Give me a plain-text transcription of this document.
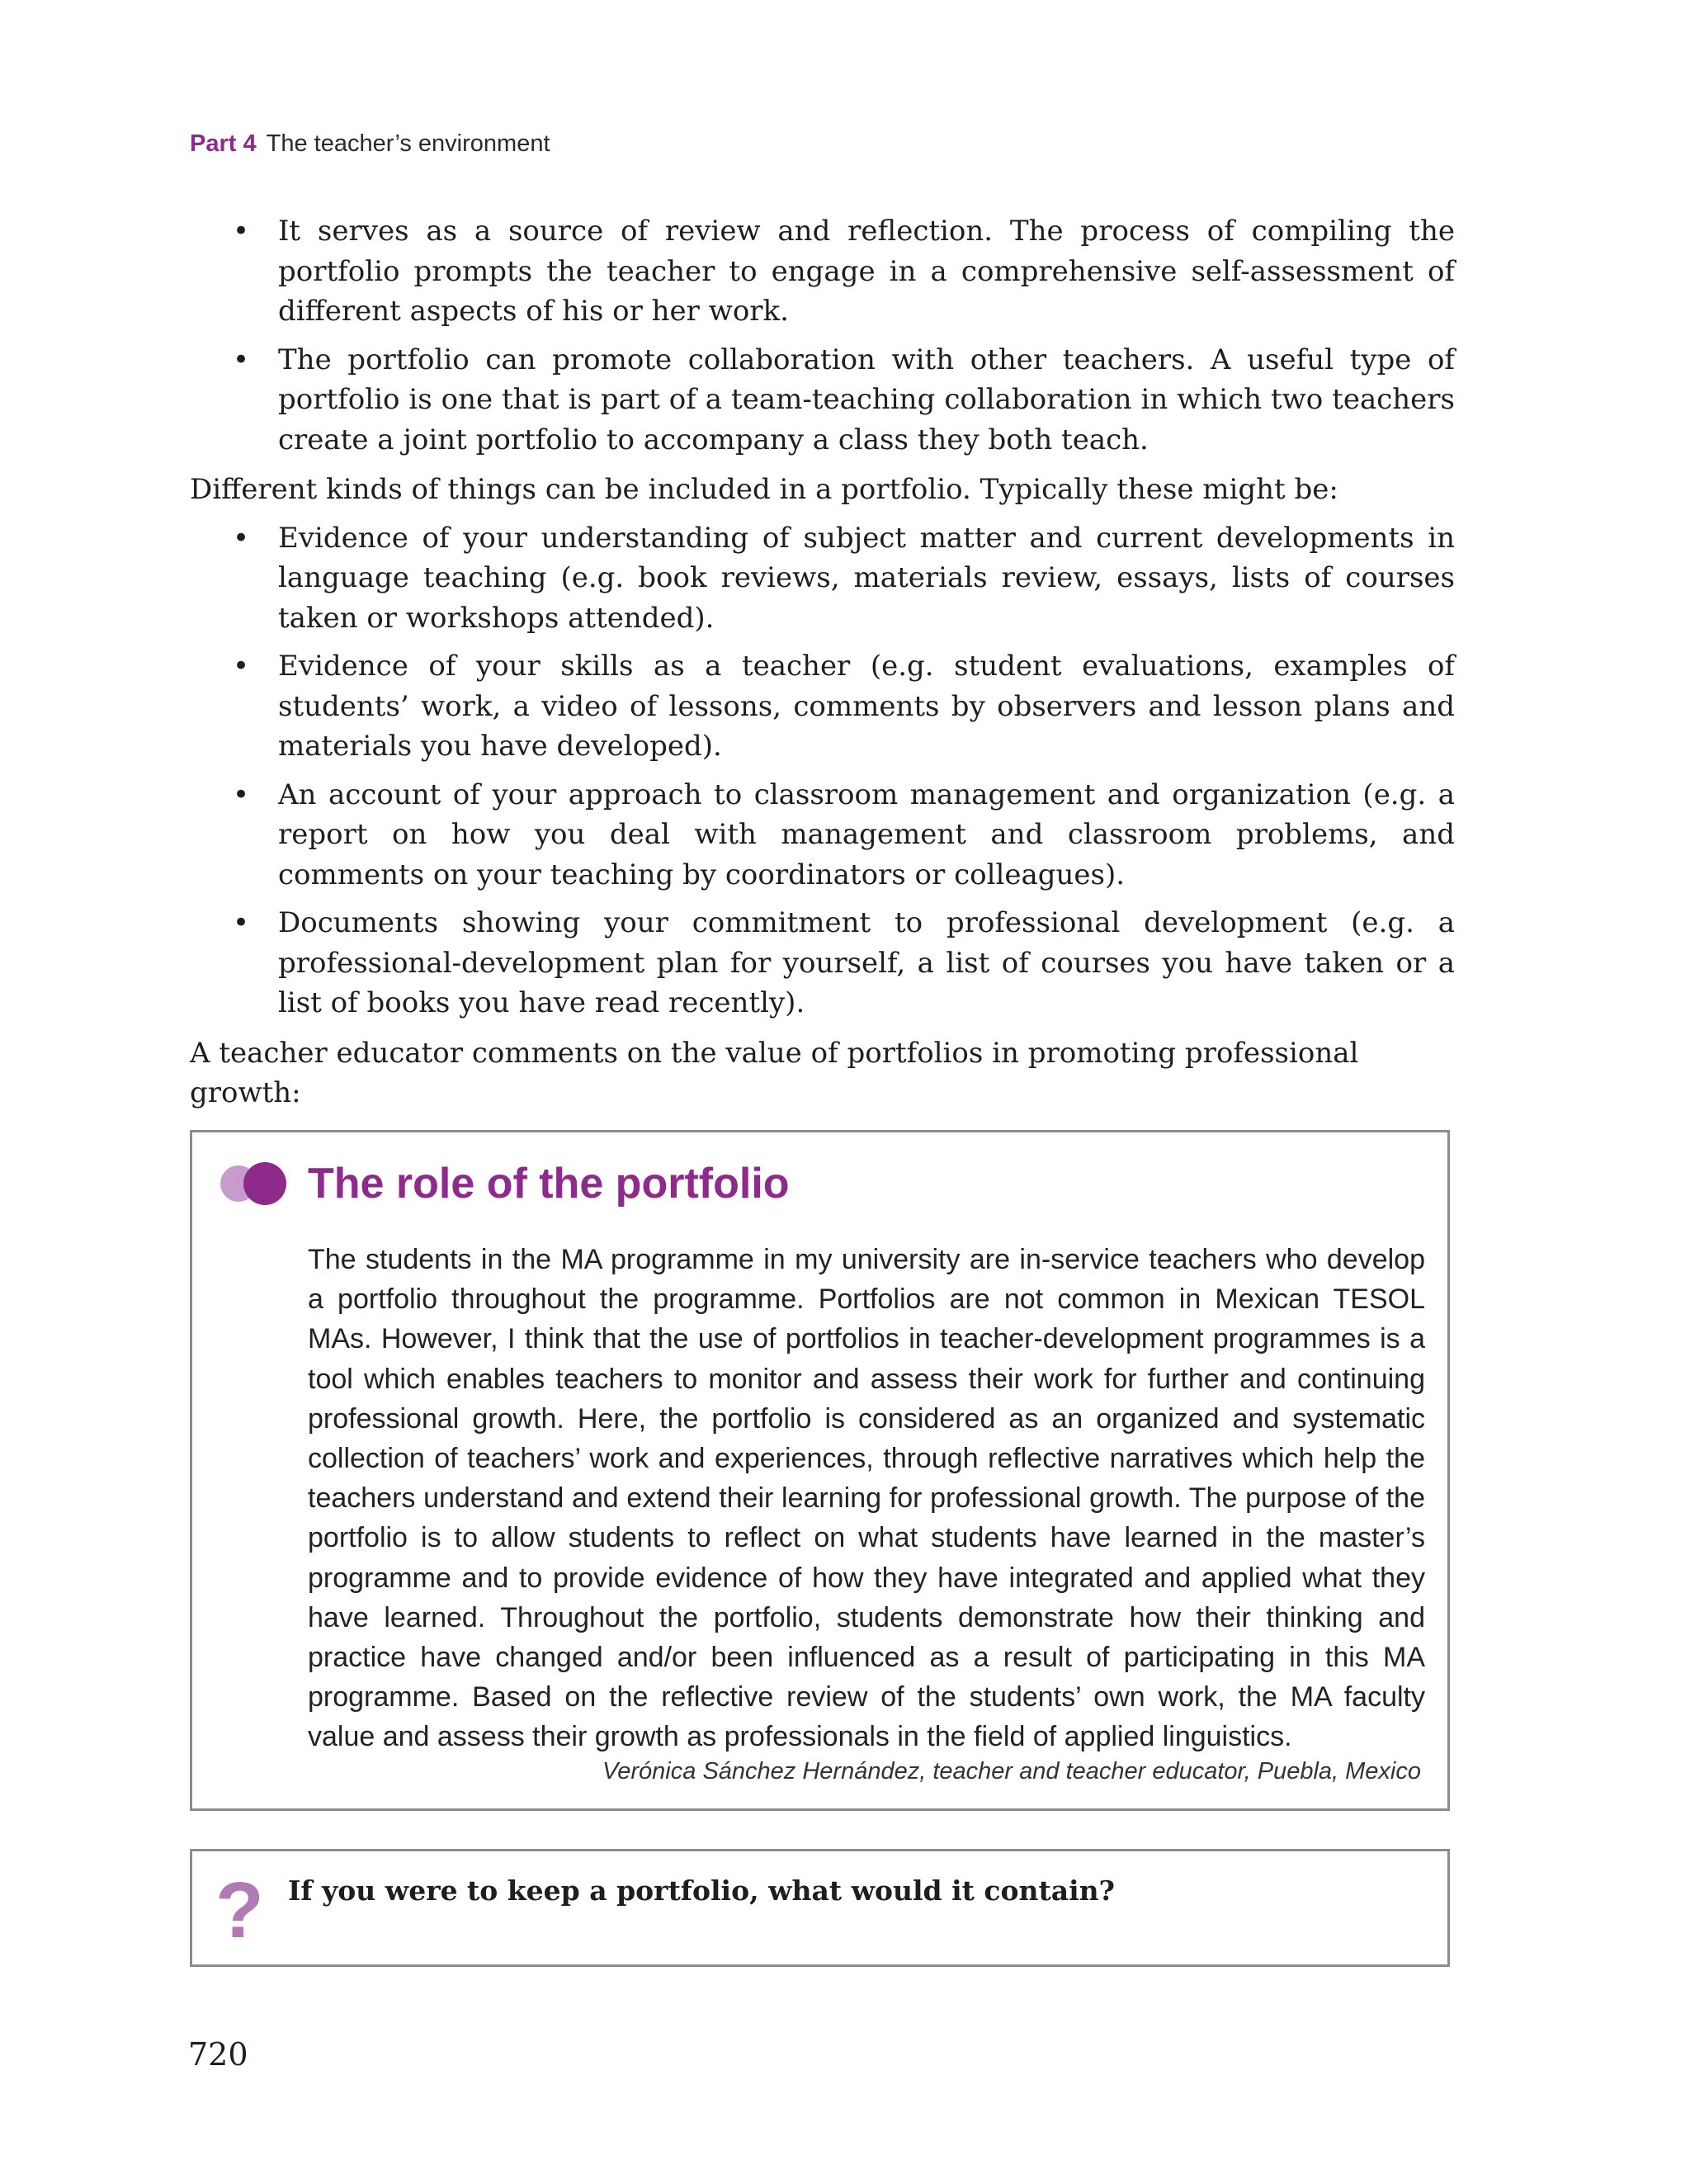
Part 4 The teacher’s environment
• It serves as a source of review and reflection. The process of compiling the portfolio prompts the teacher to engage in a comprehensive self-assessment of different aspects of his or her work.
• The portfolio can promote collaboration with other teachers. A useful type of portfolio is one that is part of a team-teaching collaboration in which two teachers create a joint portfolio to accompany a class they both teach.

Different kinds of things can be included in a portfolio. Typically these might be:

• Evidence of your understanding of subject matter and current developments in language teaching (e.g. book reviews, materials review, essays, lists of courses taken or workshops attended).
• Evidence of your skills as a teacher (e.g. student evaluations, examples of students’ work, a video of lessons, comments by observers and lesson plans and materials you have developed).
• An account of your approach to classroom management and organization (e.g. a report on how you deal with management and classroom problems, and comments on your teaching by coordinators or colleagues).
• Documents showing your commitment to professional development (e.g. a professional-development plan for yourself, a list of courses you have taken or a list of books you have read recently).

A teacher educator comments on the value of portfolios in promoting professional growth:

The role of the portfolio

The students in the MA programme in my university are in-service teachers who develop a portfolio throughout the programme. Portfolios are not common in Mexican TESOL MAs. However, I think that the use of portfolios in teacher-development programmes is a tool which enables teachers to monitor and assess their work for further and continuing professional growth. Here, the portfolio is considered as an organized and systematic collection of teachers’ work and experiences, through reflective narratives which help the teachers understand and extend their learning for professional growth. The purpose of the portfolio is to allow students to reflect on what students have learned in the master’s programme and to provide evidence of how they have integrated and applied what they have learned. Throughout the portfolio, students demonstrate how their thinking and practice have changed and/or been influenced as a result of participating in this MA programme. Based on the reflective review of the students’ own work, the MA faculty value and assess their growth as professionals in the field of applied linguistics.

Verónica Sánchez Hernández, teacher and teacher educator, Puebla, Mexico
? If you were to keep a portfolio, what would it contain?
720
